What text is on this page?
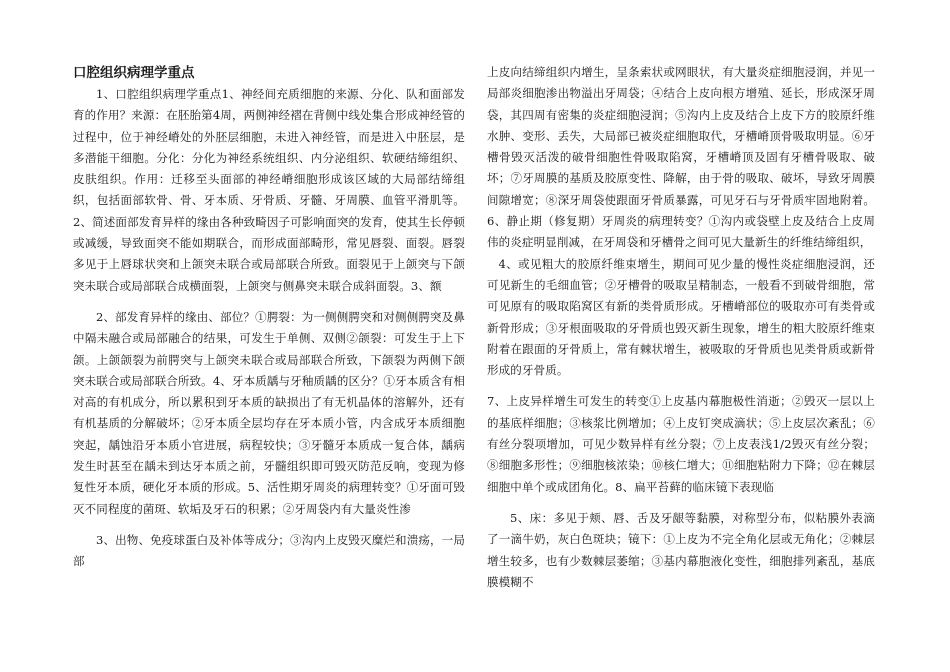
口腔组织病理学重点

1、口腔组织病理学重点1、神经间充质细胞的来源、分化、队和面部发育的作用？来源：在胚胎第4周，两侧神经褶在背侧中线处集合形成神经管的过程中，位于神经嵴处的外胚层细胞，未进入神经管，而是进入中胚层，是多潜能干细胞。分化：分化为神经系统组织、内分泌组织、软硬结缔组织、皮肤组织。作用：迁移至头面部的神经嵴细胞形成该区域的大局部结缔组织，包括面部软骨、骨、牙本质、牙骨质、牙髓、牙周膜、血管平滑肌等。2、简述面部发育异样的缘由各种致畸因子可影响面突的发育，使其生长停顿或减缓，导致面突不能如期联合，而形成面部畸形，常见唇裂、面裂。唇裂多见于上唇球状突和上颌突未联合或局部联合所致。面裂见于上颌突与下颌突未联合或局部联合成横面裂，上颌突与侧鼻突未联合成斜面裂。3、额

2、部发育异样的缘由、部位？①腭裂：为一侧侧腭突和对侧侧腭突及鼻中隔未融合或局部融合的结果，可发生于单侧、双侧②颌裂：可发生于上下颌。上颌颌裂为前腭突与上颌突未联合或局部联合所致，下颌裂为两侧下颌突未联合或局部联合所致。4、牙本质龋与牙釉质龋的区分？①牙本质含有相对高的有机成分，所以累积到牙本质的缺损出了有无机晶体的溶解外，还有有机基质的分解破坏；②牙本质全层均存在牙本质小管，内含成牙本质细胞突起，龋蚀沿牙本质小官进展，病程较快；③牙髓牙本质成一复合体，龋病发生时甚至在龋未到达牙本质之前，牙髓组织即可毁灭防范反响，变现为修复性牙本质，硬化牙本质的形成。5、活性期牙周炎的病理转变？①牙面可毁灭不同程度的菌斑、软垢及牙石的积累；②牙周袋内有大量炎性渗

3、出物、免疫球蛋白及补体等成分；③沟内上皮毁灭糜烂和溃疡，一局部

上皮向结缔组织内增生，呈条索状或网眼状，有大量炎症细胞浸润，并见一局部炎细胞渗出物溢出牙周袋；④结合上皮向根方增殖、延长，形成深牙周袋，其四周有密集的炎症细胞浸润；⑤沟内上皮及结合上皮下方的胶原纤维水肿、变形、丢失，大局部已被炎症细胞取代，牙槽嵴顶骨吸取明显。⑥牙槽骨毁灭活泼的破骨细胞性骨吸取陷窝，牙槽嵴顶及固有牙槽骨吸取、破坏；⑦牙周膜的基质及胶原变性、降解，由于骨的吸取、破坏，导致牙周膜间隙增宽；⑧深牙周袋使跟面牙骨质暴露，可见牙石与牙骨质牢固地附着。6、静止期（修复期）牙周炎的病理转变？①沟内或袋壁上皮及结合上皮周伟的炎症明显削减，在牙周袋和牙槽骨之间可见大量新生的纤维结缔组织，

4、或见粗大的胶原纤维束增生，期间可见少量的慢性炎症细胞浸润，还可见新生的毛细血管；②牙槽骨的吸取呈精制态，一般看不到破骨细胞，常可见原有的吸取陷窝区有新的类骨质形成。牙槽嵴部位的吸取亦可有类骨或新骨形成；③牙根面吸取的牙骨质也毁灭新生现象，增生的粗大胶原纤维束附着在跟面的牙骨质上，常有棘状增生，被吸取的牙骨质也见类骨质或新骨形成的牙骨质。

7、上皮异样增生可发生的转变①上皮基内幕胞极性消逝；②毁灭一层以上的基底样细胞；③核浆比例增加；④上皮钉突成滴状；⑤上皮层次紊乱；⑥有丝分裂项增加，可见少数异样有丝分裂；⑦上皮表浅1/2毁灭有丝分裂；⑧细胞多形性；⑨细胞核浓染；⑩核仁增大；⑪细胞粘附力下降；⑫在棘层细胞中单个或成团角化。8、扁平苔藓的临床镜下表现临

5、床：多见于颊、唇、舌及牙龈等黏膜，对称型分布，似粘膜外表滴了一滴牛奶，灰白色斑块；镜下：①上皮为不完全角化层或无角化；②棘层增生较多，也有少数棘层萎缩；③基内幕胞液化变性，细胞排列紊乱，基底膜模糊不
